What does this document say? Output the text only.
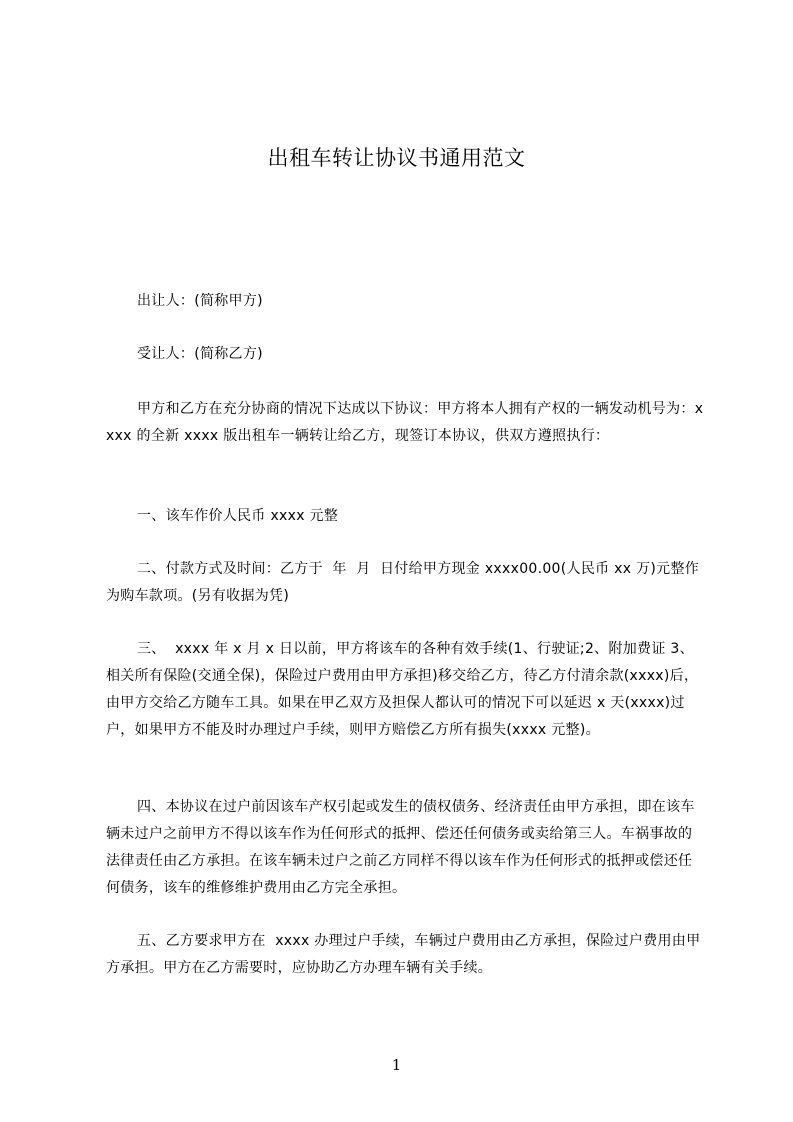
出租车转让协议书通用范文

出让人：(简称甲方)

受让人：(简称乙方)

甲方和乙方在充分协商的情况下达成以下协议：甲方将本人拥有产权的一辆发动机号为：xxxx 的全新 xxxx 版出租车一辆转让给乙方，现签订本协议，供双方遵照执行：

一、该车作价人民币 xxxx 元整

二、付款方式及时间：乙方于  年  月  日付给甲方现金 xxxx00.00(人民币 xx 万)元整作为购车款项。(另有收据为凭)

三、  xxxx 年 x 月 x 日以前，甲方将该车的各种有效手续(1、行驶证;2、附加费证 3、相关所有保险(交通全保)，保险过户费用由甲方承担)移交给乙方，待乙方付清余款(xxxx)后，由甲方交给乙方随车工具。如果在甲乙双方及担保人都认可的情况下可以延迟 x 天(xxxx)过户，如果甲方不能及时办理过户手续，则甲方赔偿乙方所有损失(xxxx 元整)。

四、本协议在过户前因该车产权引起或发生的债权债务、经济责任由甲方承担，即在该车辆未过户之前甲方不得以该车作为任何形式的抵押、偿还任何债务或卖给第三人。车祸事故的法律责任由乙方承担。在该车辆未过户之前乙方同样不得以该车作为任何形式的抵押或偿还任何债务，该车的维修维护费用由乙方完全承担。

五、乙方要求甲方在  xxxx 办理过户手续，车辆过户费用由乙方承担，保险过户费用由甲方承担。甲方在乙方需要时，应协助乙方办理车辆有关手续。

1
